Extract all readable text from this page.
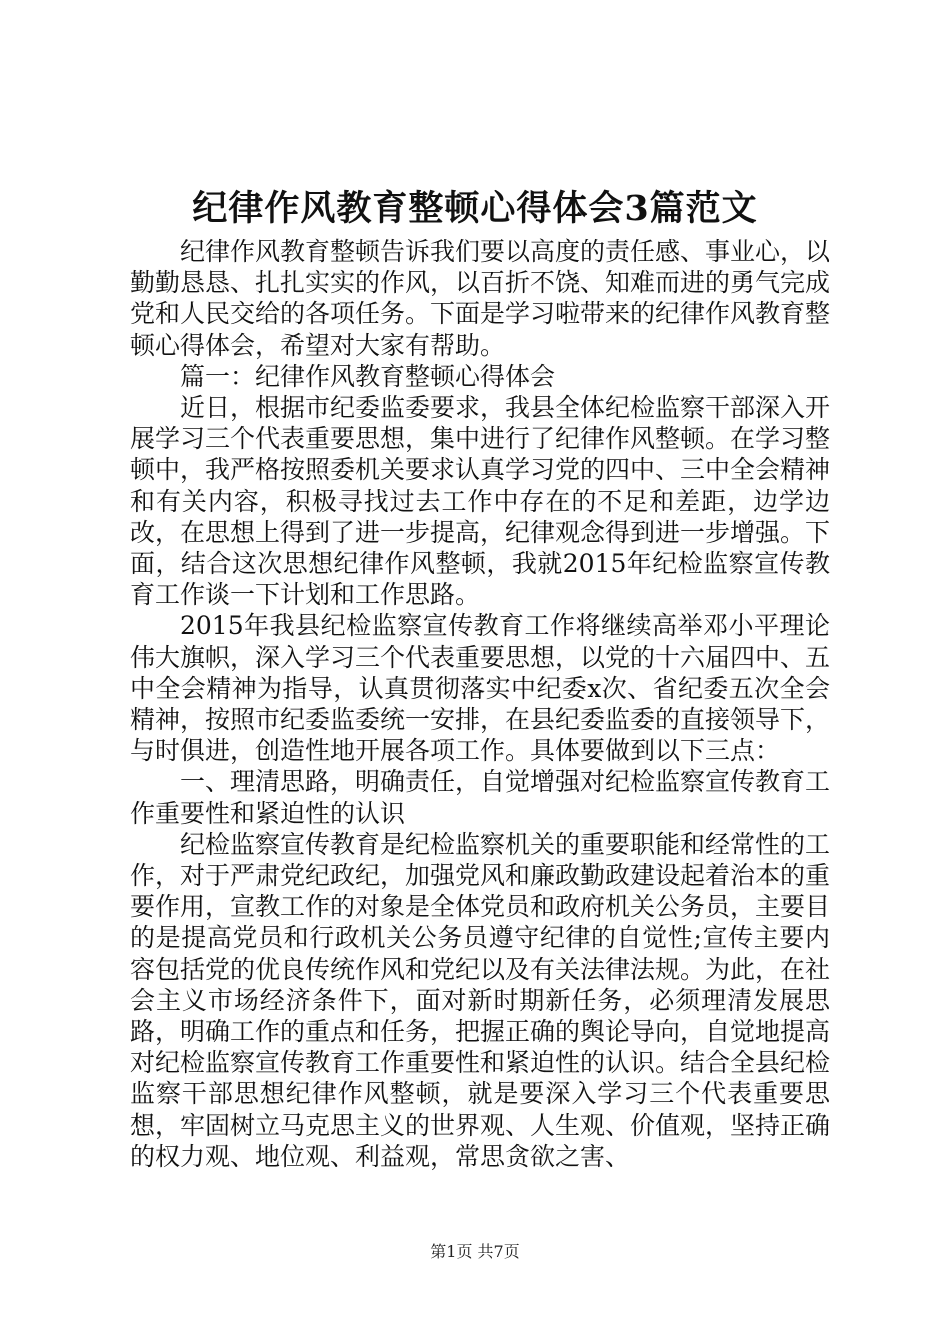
纪律作风教育整顿心得体会3篇范文

纪律作风教育整顿告诉我们要以高度的责任感、事业心，以勤勤恳恳、扎扎实实的作风，以百折不饶、知难而进的勇气完成党和人民交给的各项任务。下面是学习啦带来的纪律作风教育整顿心得体会，希望对大家有帮助。

篇一：纪律作风教育整顿心得体会

近日，根据市纪委监委要求，我县全体纪检监察干部深入开展学习三个代表重要思想，集中进行了纪律作风整顿。在学习整顿中，我严格按照委机关要求认真学习党的四中、三中全会精神和有关内容，积极寻找过去工作中存在的不足和差距，边学边改，在思想上得到了进一步提高，纪律观念得到进一步增强。下面，结合这次思想纪律作风整顿，我就2015年纪检监察宣传教育工作谈一下计划和工作思路。

2015年我县纪检监察宣传教育工作将继续高举邓小平理论伟大旗帜，深入学习三个代表重要思想，以党的十六届四中、五中全会精神为指导，认真贯彻落实中纪委x次、省纪委五次全会精神，按照市纪委监委统一安排，在县纪委监委的直接领导下，与时俱进，创造性地开展各项工作。具体要做到以下三点：

一、理清思路，明确责任，自觉增强对纪检监察宣传教育工作重要性和紧迫性的认识

纪检监察宣传教育是纪检监察机关的重要职能和经常性的工作，对于严肃党纪政纪，加强党风和廉政勤政建设起着治本的重要作用，宣教工作的对象是全体党员和政府机关公务员，主要目的是提高党员和行政机关公务员遵守纪律的自觉性;宣传主要内容包括党的优良传统作风和党纪以及有关法律法规。为此，在社会主义市场经济条件下，面对新时期新任务，必须理清发展思路，明确工作的重点和任务，把握正确的舆论导向，自觉地提高对纪检监察宣传教育工作重要性和紧迫性的认识。结合全县纪检监察干部思想纪律作风整顿，就是要深入学习三个代表重要思想，牢固树立马克思主义的世界观、人生观、价值观，坚持正确的权力观、地位观、利益观，常思贪欲之害、

第1页 共7页
